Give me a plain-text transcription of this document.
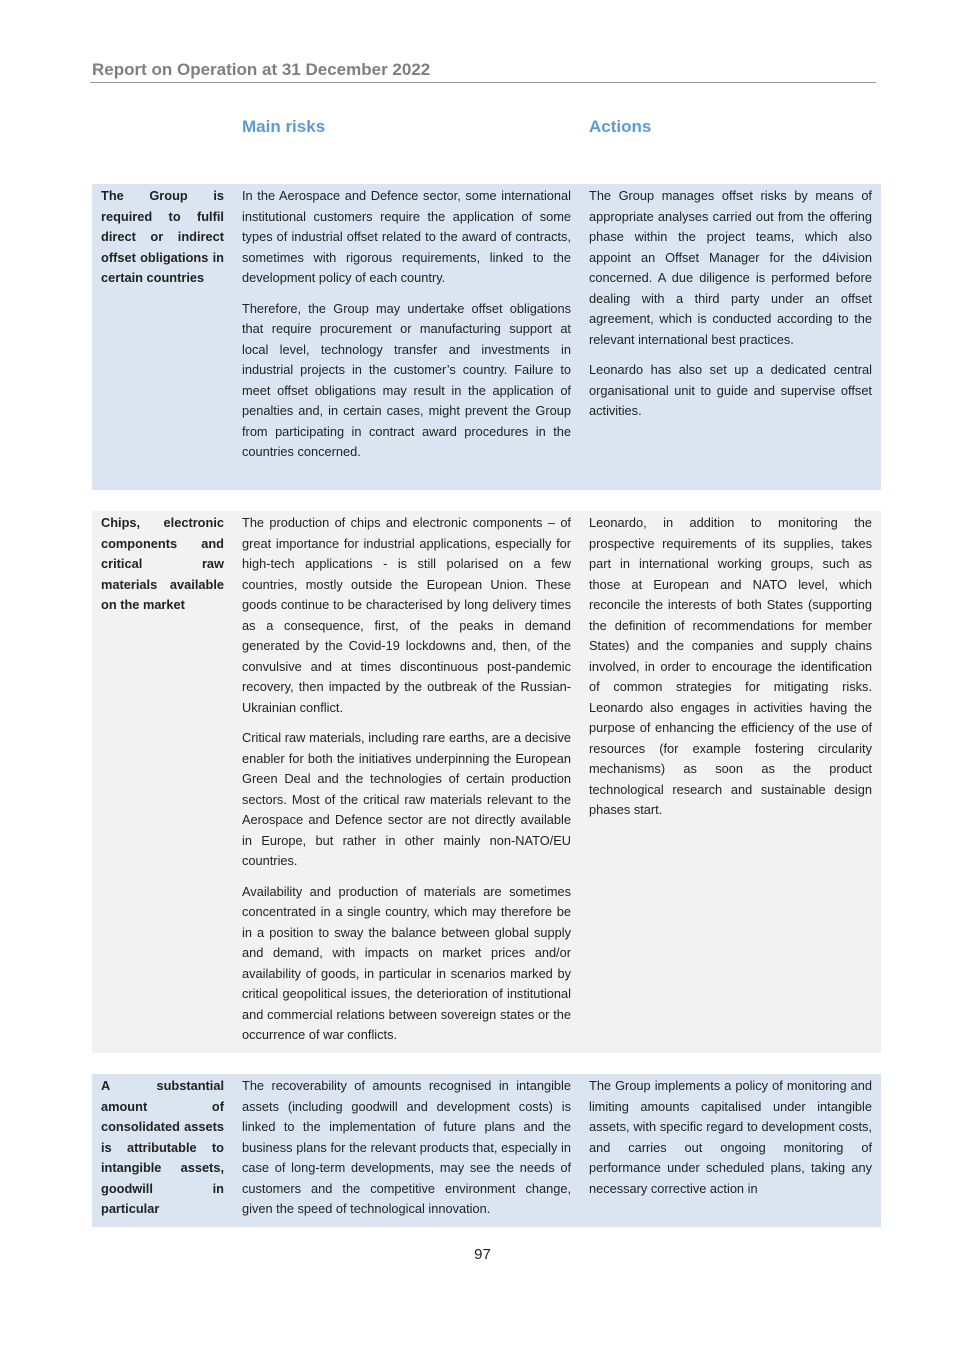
Report on Operation at 31 December 2022
Main risks	Actions
The Group is required to fulfil direct or indirect offset obligations in certain countries

In the Aerospace and Defence sector, some international institutional customers require the application of some types of industrial offset related to the award of contracts, sometimes with rigorous requirements, linked to the development policy of each country.

Therefore, the Group may undertake offset obligations that require procurement or manufacturing support at local level, technology transfer and investments in industrial projects in the customer’s country. Failure to meet offset obligations may result in the application of penalties and, in certain cases, might prevent the Group from participating in contract award procedures in the countries concerned.

The Group manages offset risks by means of appropriate analyses carried out from the offering phase within the project teams, which also appoint an Offset Manager for the d4ivision concerned. A due diligence is performed before dealing with a third party under an offset agreement, which is conducted according to the relevant international best practices.

Leonardo has also set up a dedicated central organisational unit to guide and supervise offset activities.

Chips, electronic components and critical raw materials available on the market

The production of chips and electronic components – of great importance for industrial applications, especially for high-tech applications - is still polarised on a few countries, mostly outside the European Union. These goods continue to be characterised by long delivery times as a consequence, first, of the peaks in demand generated by the Covid-19 lockdowns and, then, of the convulsive and at times discontinuous post-pandemic recovery, then impacted by the outbreak of the Russian-Ukrainian conflict.

Critical raw materials, including rare earths, are a decisive enabler for both the initiatives underpinning the European Green Deal and the technologies of certain production sectors. Most of the critical raw materials relevant to the Aerospace and Defence sector are not directly available in Europe, but rather in other mainly non-NATO/EU countries.

Availability and production of materials are sometimes concentrated in a single country, which may therefore be in a position to sway the balance between global supply and demand, with impacts on market prices and/or availability of goods, in particular in scenarios marked by critical geopolitical issues, the deterioration of institutional and commercial relations between sovereign states or the occurrence of war conflicts.

Leonardo, in addition to monitoring the prospective requirements of its supplies, takes part in international working groups, such as those at European and NATO level, which reconcile the interests of both States (supporting the definition of recommendations for member States) and the companies and supply chains involved, in order to encourage the identification of common strategies for mitigating risks. Leonardo also engages in activities having the purpose of enhancing the efficiency of the use of resources (for example fostering circularity mechanisms) as soon as the product technological research and sustainable design phases start.

A substantial amount of consolidated assets is attributable to intangible assets, goodwill in particular

The recoverability of amounts recognised in intangible assets (including goodwill and development costs) is linked to the implementation of future plans and the business plans for the relevant products that, especially in case of long-term developments, may see the needs of customers and the competitive environment change, given the speed of technological innovation.

The Group implements a policy of monitoring and limiting amounts capitalised under intangible assets, with specific regard to development costs, and carries out ongoing monitoring of performance under scheduled plans, taking any necessary corrective action in

97
